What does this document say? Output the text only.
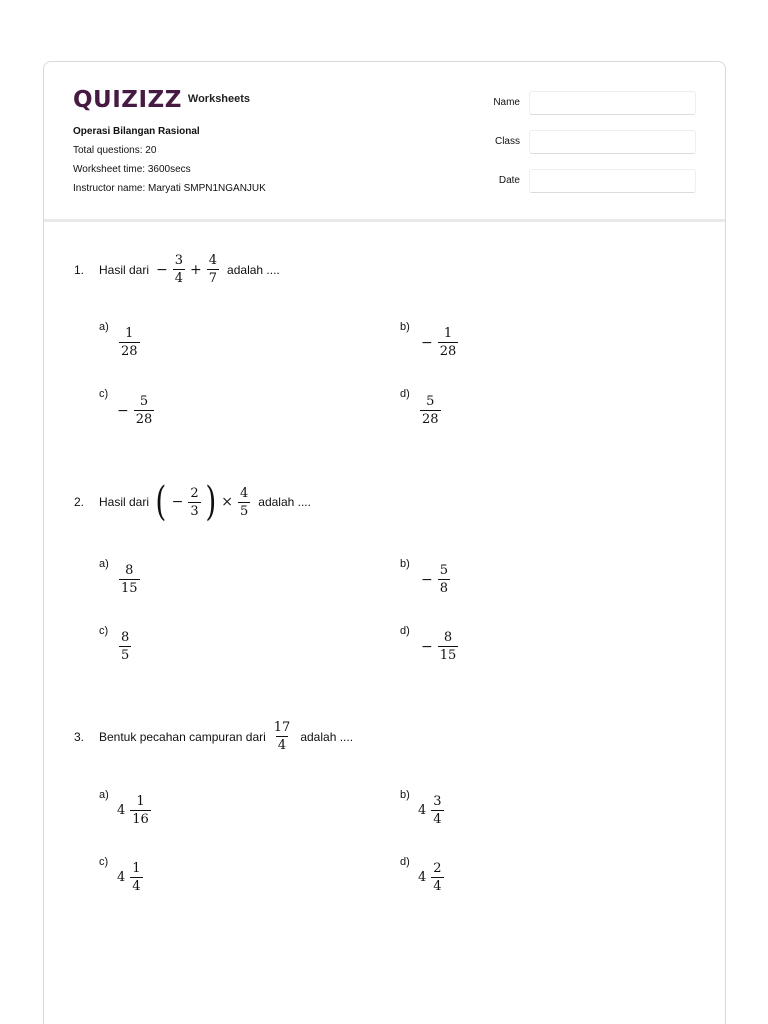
QUIZIZZ Worksheets
Operasi Bilangan Rasional
Total questions: 20
Worksheet time: 3600secs
Instructor name: Maryati SMPN1NGANJUK
Name
Class
Date
1.	Hasil dari − $\frac{3}{4} + \frac{4}{7}$ adalah ....
$a) \frac{1}{28}$	b)
− $\frac{1}{28}$
c)
− $\frac{5}{28}$	$d) \frac{5}{28}$
2.	Hasil dari ( − $\frac{2}{3}$ ) × $\frac{4}{5}$ adalah ....
$a) \frac{8}{15}$	b)
− $\frac{5}{8}$
$c) \frac{8}{5}$	d)
− $\frac{8}{15}$
3.	Bentuk pecahan campuran dari $\frac{17}{4}$ adalah ....
a)
$4 \frac{1}{16}$	b)
$4 \frac{3}{4}$
c)
$4 \frac{1}{4}$	d)
$4 \frac{2}{4}$
